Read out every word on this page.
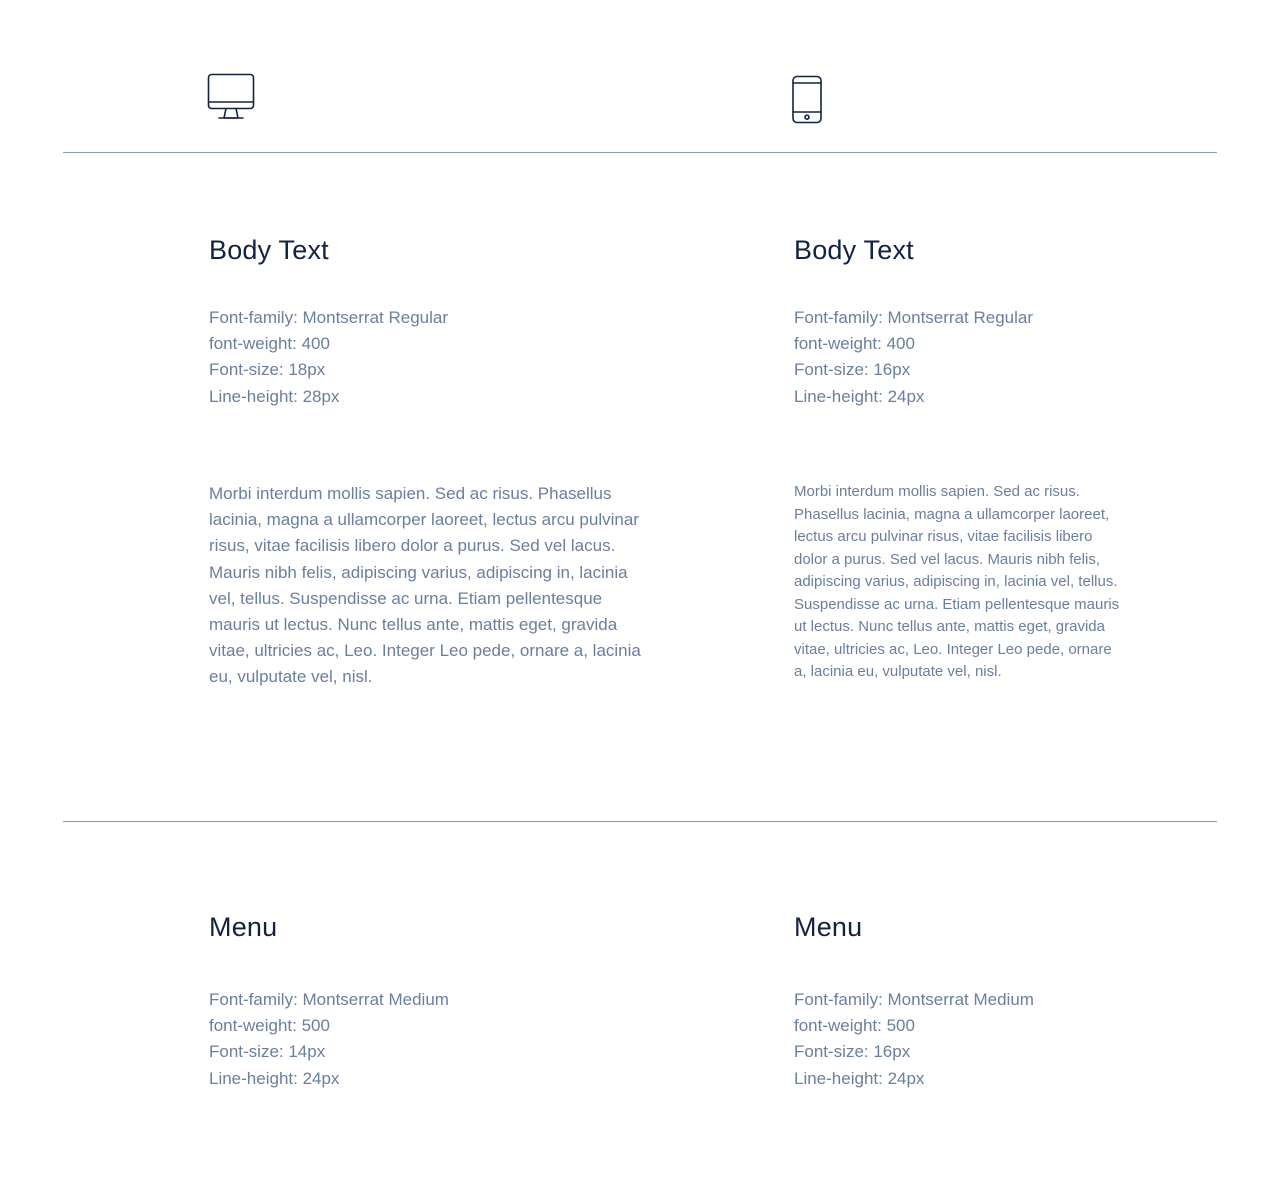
Body Text
Font-family: Montserrat Regular
font-weight: 400
Font-size: 18px
Line-height: 28px

Morbi interdum mollis sapien. Sed ac risus. Phasellus lacinia, magna a ullamcorper laoreet, lectus arcu pulvinar risus, vitae facilisis libero dolor a purus. Sed vel lacus. Mauris nibh felis, adipiscing varius, adipiscing in, lacinia vel, tellus. Suspendisse ac urna. Etiam pellentesque mauris ut lectus. Nunc tellus ante, mattis eget, gravida vitae, ultricies ac, Leo. Integer Leo pede, ornare a, lacinia eu, vulputate vel, nisl.

Body Text
Font-family: Montserrat Regular
font-weight: 400
Font-size: 16px
Line-height: 24px

Morbi interdum mollis sapien. Sed ac risus. Phasellus lacinia, magna a ullamcorper laoreet, lectus arcu pulvinar risus, vitae facilisis libero dolor a purus. Sed vel lacus. Mauris nibh felis, adipiscing varius, adipiscing in, lacinia vel, tellus. Suspendisse ac urna. Etiam pellentesque mauris ut lectus. Nunc tellus ante, mattis eget, gravida vitae, ultricies ac, Leo. Integer Leo pede, ornare a, lacinia eu, vulputate vel, nisl.

Menu
Font-family: Montserrat Medium
font-weight: 500
Font-size: 14px
Line-height: 24px
Menu
Font-family: Montserrat Medium
font-weight: 500
Font-size: 16px
Line-height: 24px
